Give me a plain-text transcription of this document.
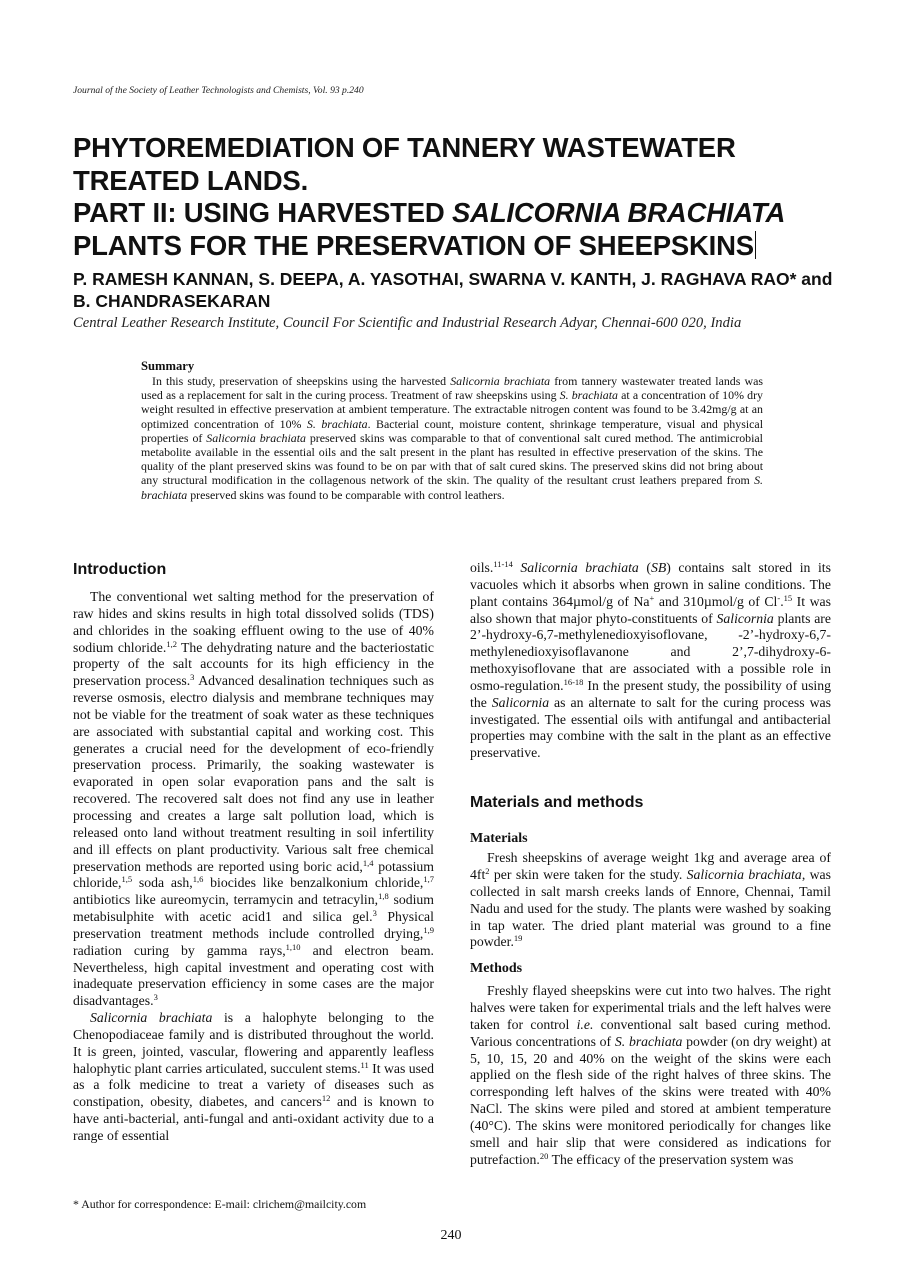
Journal of the Society of Leather Technologists and Chemists, Vol. 93 p.240
PHYTOREMEDIATION OF TANNERY WASTEWATER
TREATED LANDS.
PART II: USING HARVESTED SALICORNIA BRACHIATA
PLANTS FOR THE PRESERVATION OF SHEEPSKINS
P. RAMESH KANNAN, S. DEEPA, A. YASOTHAI, SWARNA V. KANTH, J. RAGHAVA RAO* and B. CHANDRASEKARAN
Central Leather Research Institute, Council For Scientific and Industrial Research Adyar, Chennai-600 020, India
Summary

In this study, preservation of sheepskins using the harvested Salicornia brachiata from tannery wastewater treated lands was used as a replacement for salt in the curing process. Treatment of raw sheepskins using S. brachiata at a concentration of 10% dry weight resulted in effective preservation at ambient temperature. The extractable nitrogen content was found to be 3.42mg/g at an optimized concentration of 10% S. brachiata. Bacterial count, moisture content, shrinkage temperature, visual and physical properties of Salicornia brachiata preserved skins was comparable to that of conventional salt cured method. The antimicrobial metabolite available in the essential oils and the salt present in the plant has resulted in effective preservation of the skins. The quality of the plant preserved skins was found to be on par with that of salt cured skins. The preserved skins did not bring about any structural modification in the collagenous network of the skin. The quality of the resultant crust leathers prepared from S. brachiata preserved skins was found to be comparable with control leathers.

Introduction

The conventional wet salting method for the preservation of raw hides and skins results in high total dissolved solids (TDS) and chlorides in the soaking effluent owing to the use of 40% sodium chloride.$^{1,2}$ The dehydrating nature and the bacteriostatic property of the salt accounts for its high efficiency in the preservation process.$^3$ Advanced desalination techniques such as reverse osmosis, electro dialysis and membrane techniques may not be viable for the treatment of soak water as these techniques are associated with substantial capital and working cost. This generates a crucial need for the development of eco-friendly preservation process. Primarily, the soaking wastewater is evaporated in open solar evaporation pans and the salt is recovered. The recovered salt does not find any use in leather processing and creates a large salt pollution load, which is released onto land without treatment resulting in soil infertility and ill effects on plant productivity. Various salt free chemical preservation methods are reported using boric acid,$^{1,4}$ potassium chloride,$^{1,5}$ soda ash,$^{1,6}$ biocides like benzalkonium chloride,$^{1,7}$ antibiotics like aureomycin, terramycin and tetracylin,$^{1,8}$ sodium metabisulphite with acetic acid1 and silica gel.$^3$ Physical preservation treatment methods include controlled drying,$^{1,9}$ radiation curing by gamma rays,$^{1,10}$ and electron beam. Nevertheless, high capital investment and operating cost with inadequate preservation efficiency in some cases are the major disadvantages.$^3$

Salicornia brachiata is a halophyte belonging to the Chenopodiaceae family and is distributed throughout the world. It is green, jointed, vascular, flowering and apparently leafless halophytic plant carries articulated, succulent stems.$^{11}$ It was used as a folk medicine to treat a variety of diseases such as constipation, obesity, diabetes, and cancers$^{12}$ and is known to have anti-bacterial, anti-fungal and anti-oxidant activity due to a range of essential

oils.$^{11-14}$ Salicornia brachiata (SB) contains salt stored in its vacuoles which it absorbs when grown in saline conditions. The plant contains 364µmol/g of Na+ and 310µmol/g of Cl-.$^{15}$ It was also shown that major phyto-constituents of Salicornia plants are 2’-hydroxy-6,7-methylenedioxyisoflovane, -2’-hydroxy-6,7-methylenedioxyisoflavanone and 2’,7-dihydroxy-6-methoxyisoflovane that are associated with a possible role in osmo-regulation.$^{16-18}$ In the present study, the possibility of using the Salicornia as an alternate to salt for the curing process was investigated. The essential oils with antifungal and antibacterial properties may combine with the salt in the plant as an effective preservative.

Materials and methods
Materials

Fresh sheepskins of average weight 1kg and average area of $4ft^2$ per skin were taken for the study. Salicornia brachiata, was collected in salt marsh creeks lands of Ennore, Chennai, Tamil Nadu and used for the study. The plants were washed by soaking in tap water. The dried plant material was ground to a fine powder.$^{19}$

Methods

Freshly flayed sheepskins were cut into two halves. The right halves were taken for experimental trials and the left halves were taken for control i.e. conventional salt based curing method. Various concentrations of S. brachiata powder (on dry weight) at 5, 10, 15, 20 and 40% on the weight of the skins were each applied on the flesh side of the right halves of three skins. The corresponding left halves of the skins were treated with 40% NaCl. The skins were piled and stored at ambient temperature (40°C). The skins were monitored periodically for changes like smell and hair slip that were considered as indications for putrefaction.$^{20}$ The efficacy of the preservation system was

* Author for correspondence: E-mail: clrichem@mailcity.com
240
